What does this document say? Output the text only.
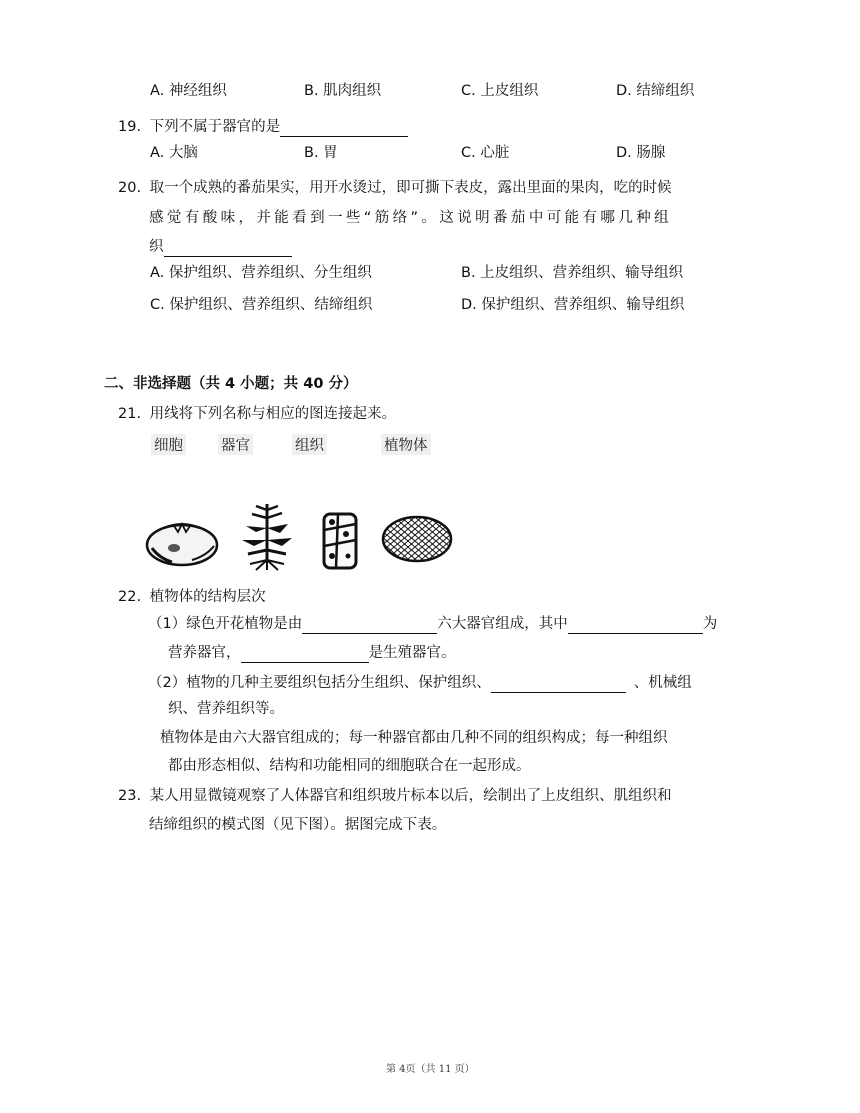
A. 神经组织	B. 肌肉组织	C. 上皮组织	D. 结缔组织
19. 下列不属于器官的是
A. 大脑	B. 胃	C. 心脏	D. 肠腺
20. 取一个成熟的番茄果实，用开水烫过，即可撕下表皮，露出里面的果肉，吃的时候
感觉有酸味，并能看到一些“筋络”。这说明番茄中可能有哪几种组
织
A. 保护组织、营养组织、分生组织	B. 上皮组织、营养组织、输导组织
C. 保护组织、营养组织、结缔组织	D. 保护组织、营养组织、输导组织
二、非选择题（共 4 小题；共 40 分）
21. 用线将下列名称与相应的图连接起来。
细胞	器官	组织	植物体
22. 植物体的结构层次
（1）绿色开花植物是由	六大器官组成，其中	为
营养器官，	是生殖器官。
（2）植物的几种主要组织包括分生组织、保护组织、	、机械组
织、营养组织等。
植物体是由六大器官组成的；每一种器官都由几种不同的组织构成；每一种组织
都由形态相似、结构和功能相同的细胞联合在一起形成。
23. 某人用显微镜观察了人体器官和组织玻片标本以后，绘制出了上皮组织、肌组织和
结缔组织的模式图（见下图）。据图完成下表。
第 4页（共 11 页）
